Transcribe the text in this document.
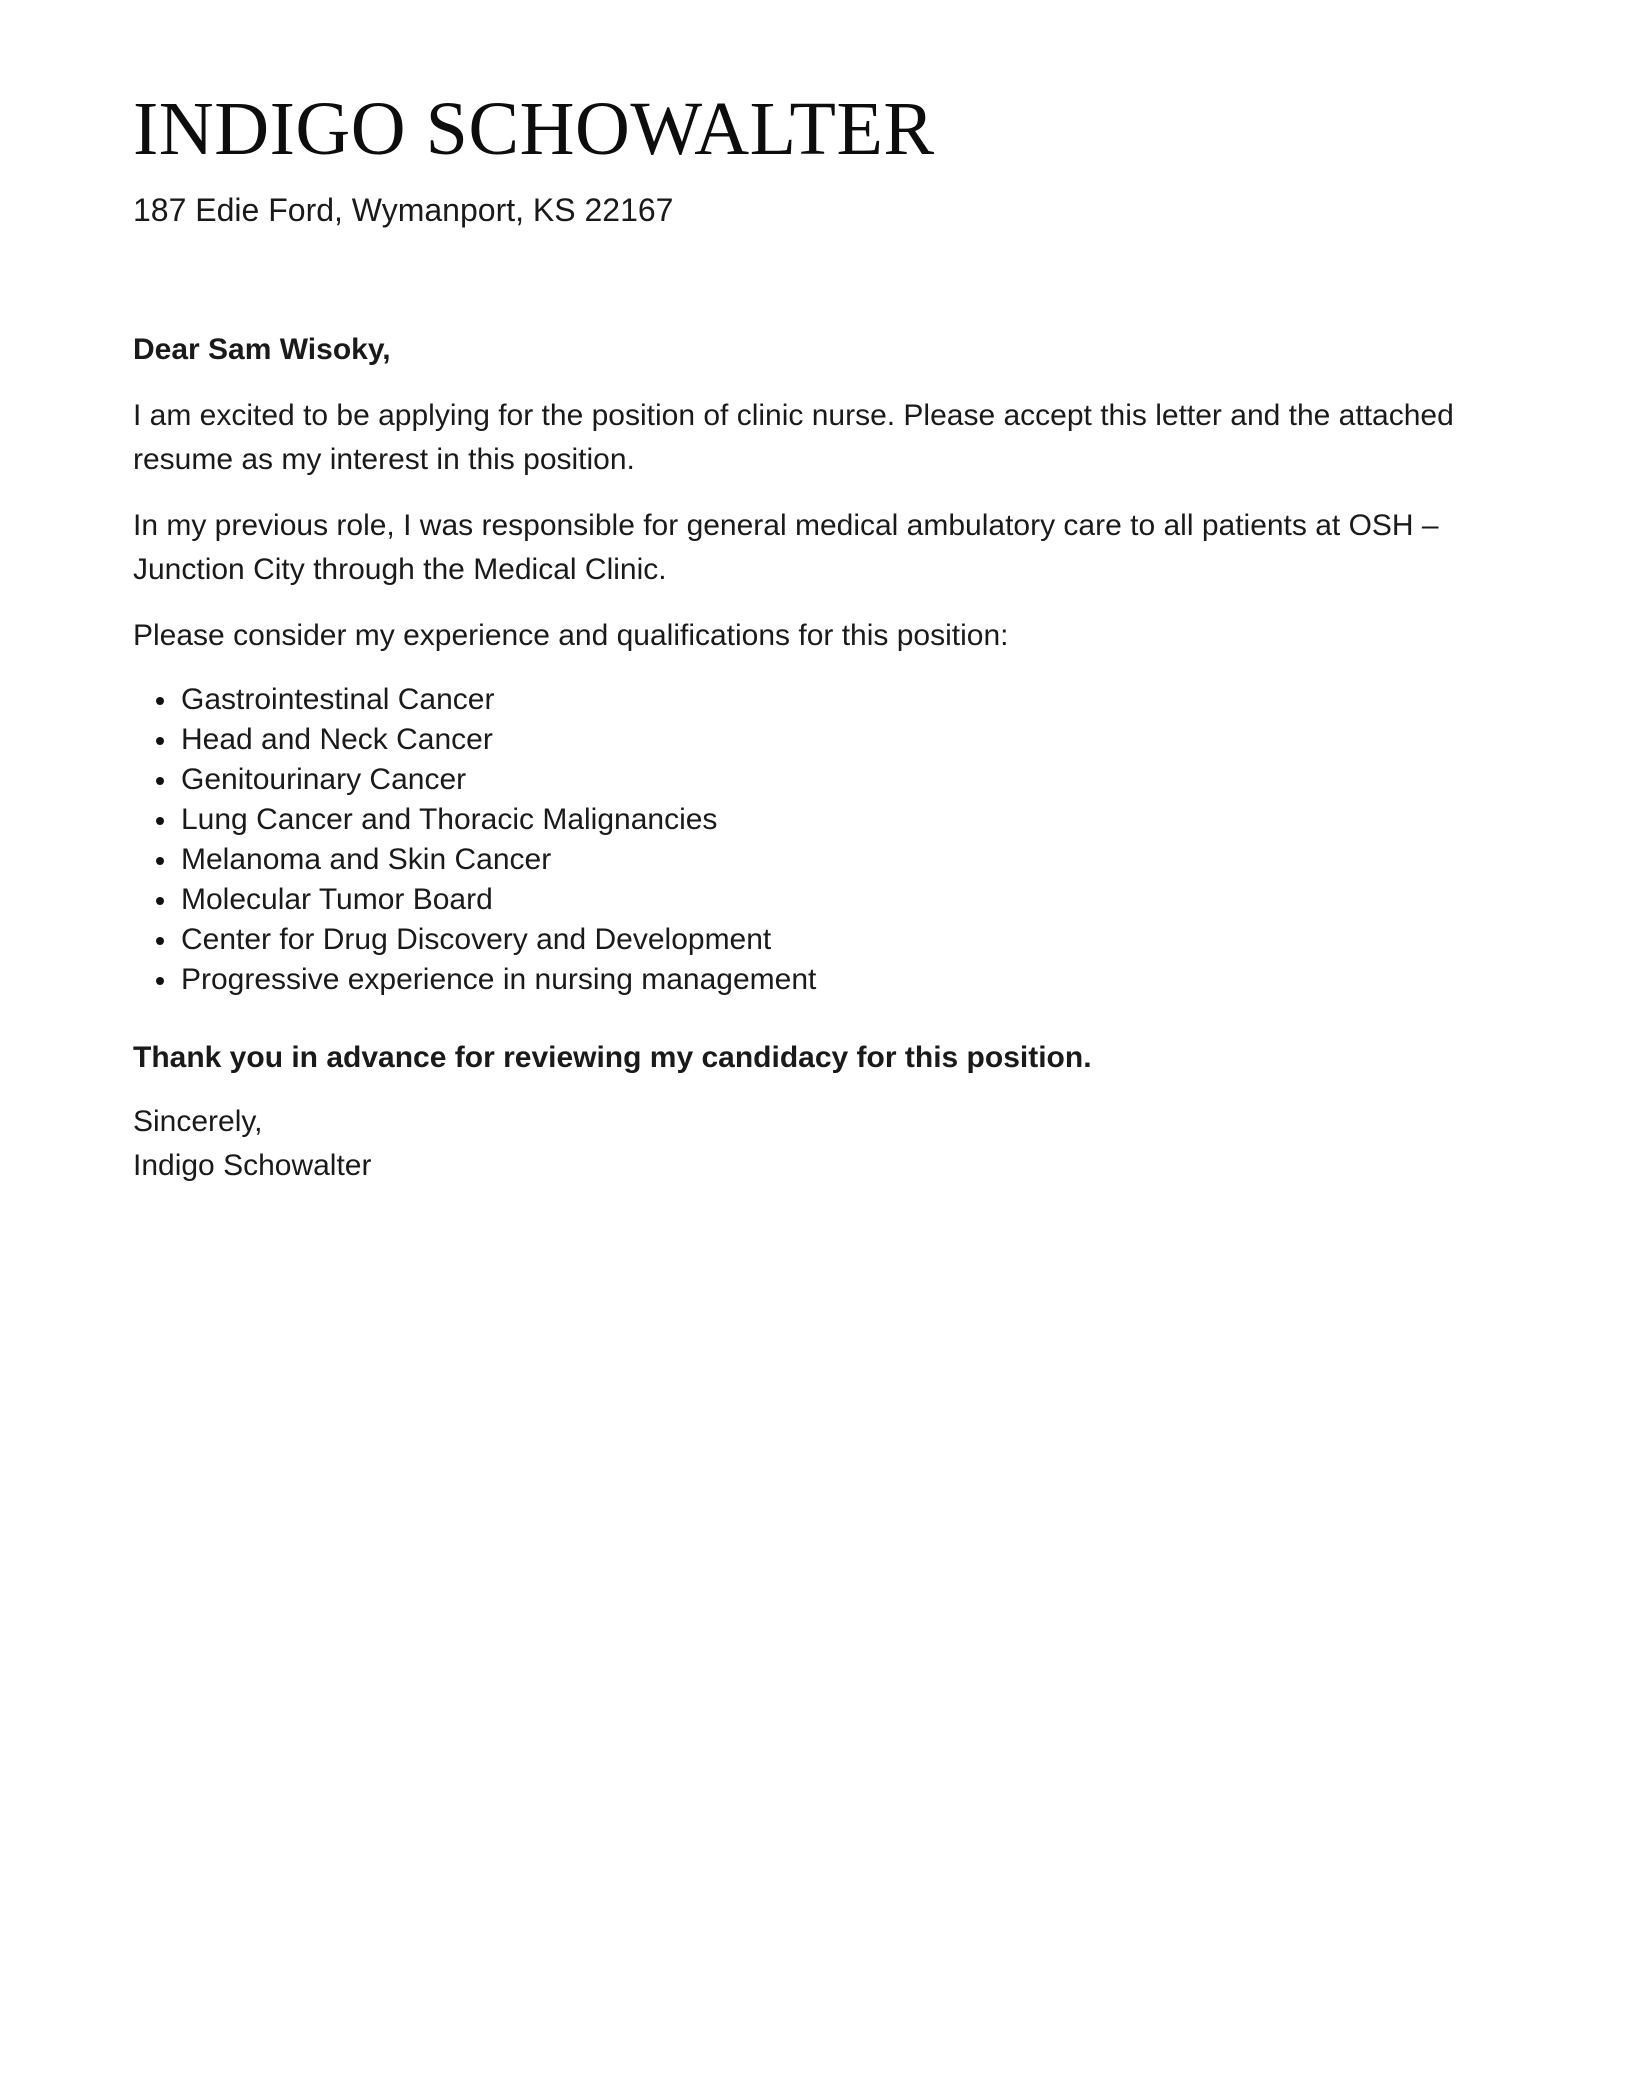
INDIGO SCHOWALTER

187 Edie Ford, Wymanport, KS 22167

Dear Sam Wisoky,

I am excited to be applying for the position of clinic nurse. Please accept this letter and the attached resume as my interest in this position.

In my previous role, I was responsible for general medical ambulatory care to all patients at OSH – Junction City through the Medical Clinic.

Please consider my experience and qualifications for this position:

Gastrointestinal Cancer
Head and Neck Cancer
Genitourinary Cancer
Lung Cancer and Thoracic Malignancies
Melanoma and Skin Cancer
Molecular Tumor Board
Center for Drug Discovery and Development
Progressive experience in nursing management

Thank you in advance for reviewing my candidacy for this position.

Sincerely,

Indigo Schowalter
